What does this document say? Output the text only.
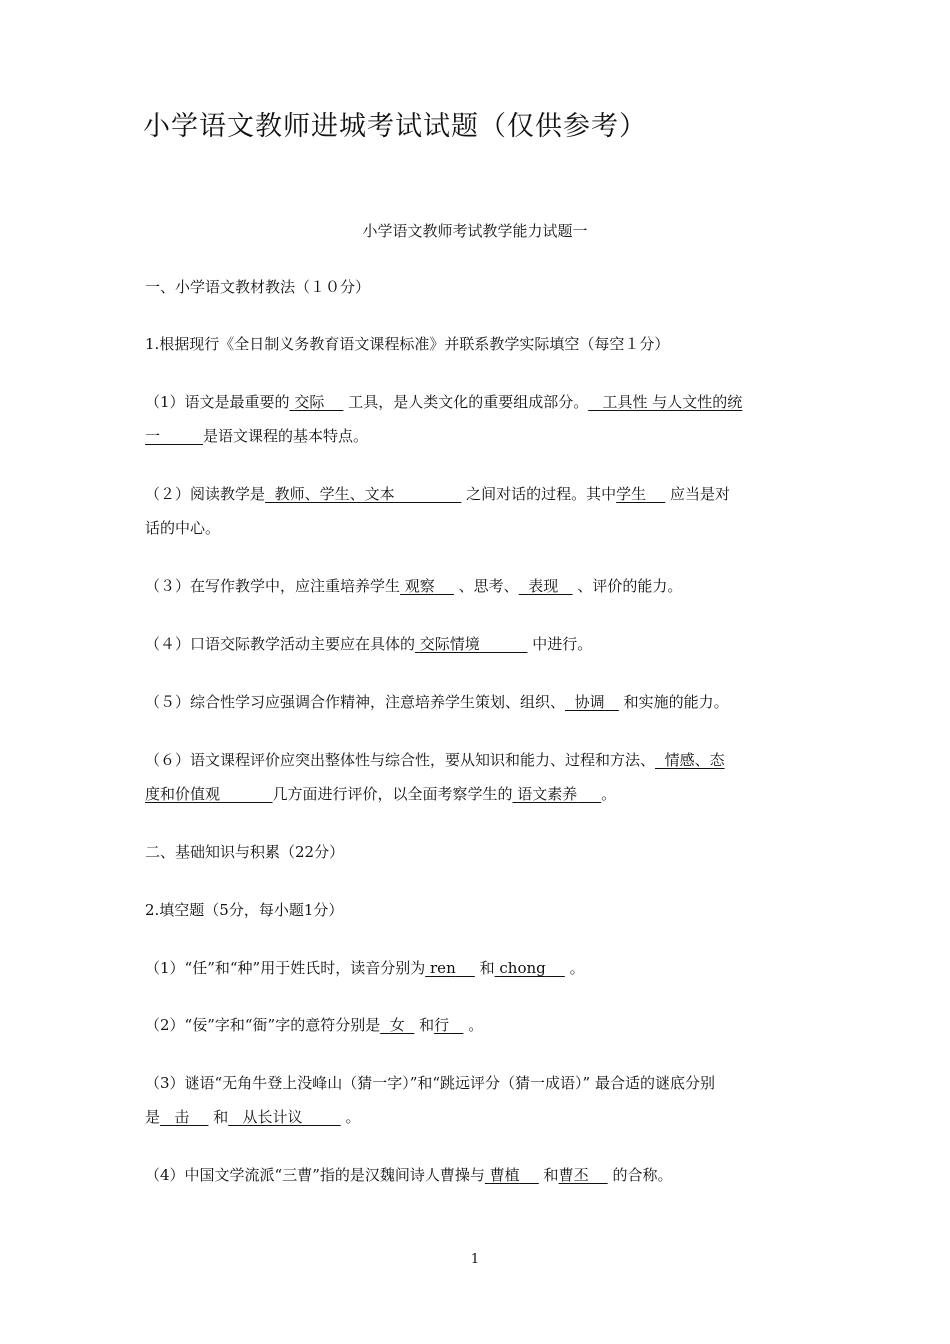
小学语文教师进城考试试题（仅供参考）
小学语文教师考试教学能力试题一
一、小学语文教材教法（１０分）
1.根据现行《全日制义务教育语文课程标准》并联系教学实际填空（每空１分）
（1）语文是最重要的 交际 工具，是人类文化的重要组成部分。 工具性 与人文性的统
一	是语文课程的基本特点。
（２）阅读教学是 教师、学生、文本	之间对话的过程。其中学生 应当是对
话的中心。
（３）在写作教学中，应注重培养学生 观察 、思考、 表现 、评价的能力。
（４）口语交际教学活动主要应在具体的 交际情境	中进行。
（５）综合性学习应强调合作精神，注意培养学生策划、组织、 协调 和实施的能力。
（６）语文课程评价应突出整体性与综合性，要从知识和能力、过程和方法、 情感、态
度和价值观	几方面进行评价，以全面考察学生的 语文素养 。
二、基础知识与积累（22分）
2.填空题（5分，每小题1分）
（1）“任”和“种”用于姓氏时，读音分别为 ren 和 chong 。
（2）“佞”字和“衙”字的意符分别是 女 和行 。
（3）谜语“无角牛登上没峰山（猜一字）”和“跳远评分（猜一成语）” 最合适的谜底分别
是 击 和 从长计议	。
（4）中国文学流派“三曹”指的是汉魏间诗人曹操与 曹植 和曹丕 的合称。
1
